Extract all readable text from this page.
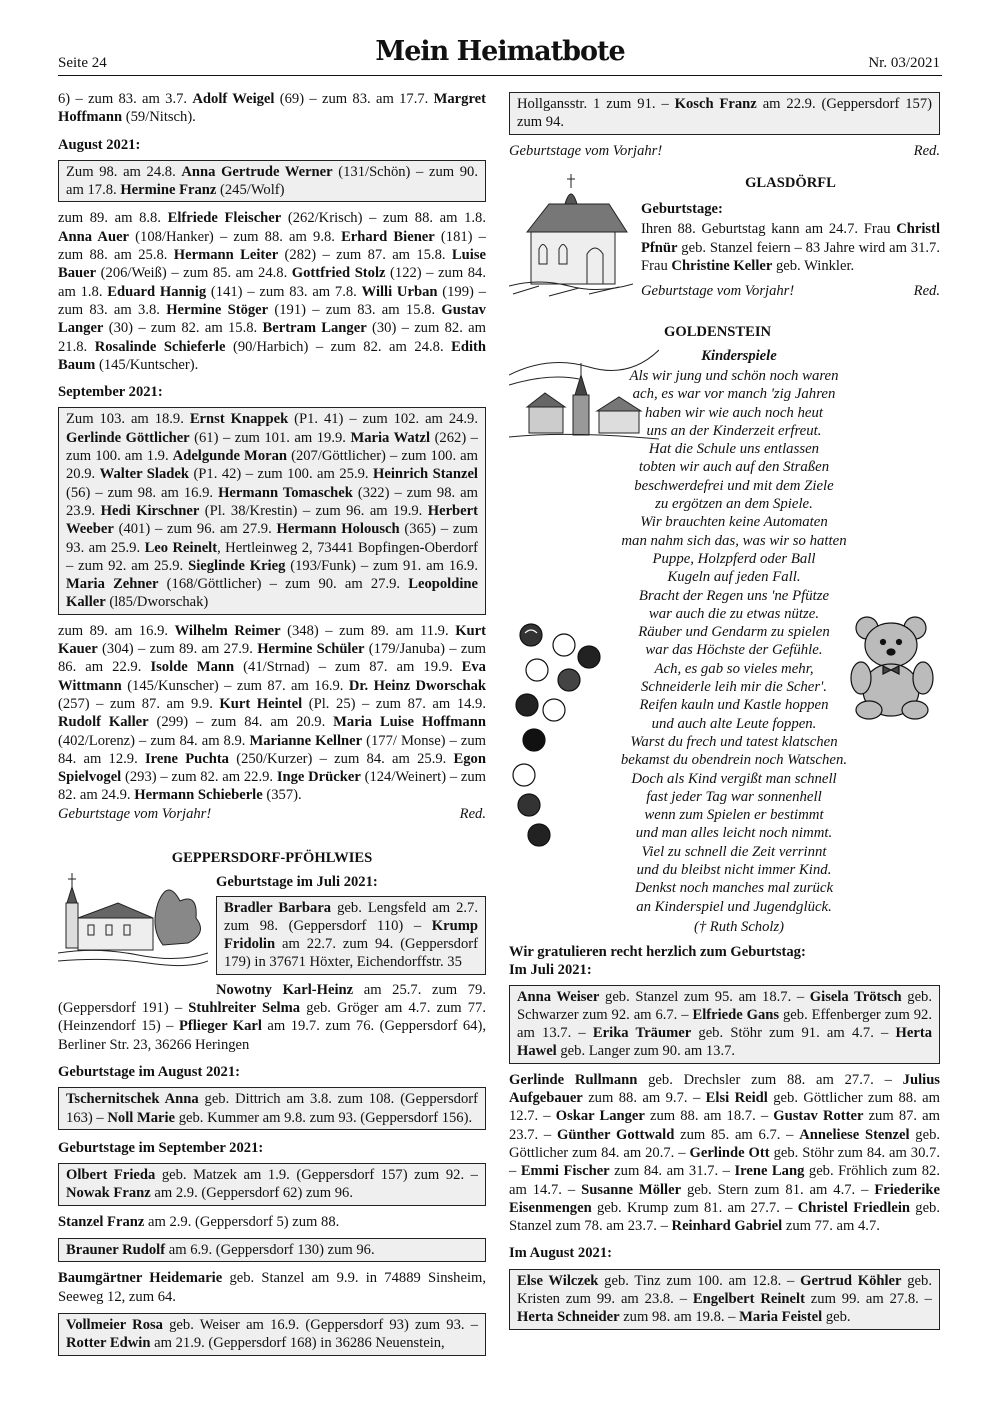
Seite 24	Mein Heimatbote	Nr. 03/2021

6) – zum 83. am 3.7. Adolf Weigel (69) – zum 83. am 17.7. Margret Hoffmann (59/Nitsch).

August 2021:
Zum 98. am 24.8. Anna Gertrude Werner (131/Schön) – zum 90. am 17.8. Hermine Franz (245/Wolf)

zum 89. am 8.8. Elfriede Fleischer (262/Krisch) – zum 88. am 1.8. Anna Auer (108/Hanker) – zum 88. am 9.8. Erhard Biener (181) – zum 88. am 25.8. Hermann Leiter (282) – zum 87. am 15.8. Luise Bauer (206/Weiß) – zum 85. am 24.8. Gottfried Stolz (122) – zum 84. am 1.8. Eduard Hannig (141) – zum 83. am 7.8. Willi Urban (199) – zum 83. am 3.8. Hermine Stöger (191) – zum 83. am 15.8. Gustav Langer (30) – zum 82. am 15.8. Bertram Langer (30) – zum 82. am 21.8. Rosalinde Schieferle (90/Harbich) – zum 82. am 24.8. Edith Baum (145/Kuntscher).

September 2021:
Zum 103. am 18.9. Ernst Knappek (P1. 41) – zum 102. am 24.9. Gerlinde Göttlicher (61) – zum 101. am 19.9. Maria Watzl (262) – zum 100. am 1.9. Adelgunde Moran (207/Göttlicher) – zum 100. am 20.9. Walter Sladek (P1. 42) – zum 100. am 25.9. Heinrich Stanzel (56) – zum 98. am 16.9. Hermann Tomaschek (322) – zum 98. am 23.9. Hedi Kirschner (Pl. 38/Krestin) – zum 96. am 19.9. Herbert Weeber (401) – zum 96. am 27.9. Hermann Holousch (365) – zum 93. am 25.9. Leo Reinelt, Hertleinweg 2, 73441 Bopfingen-Oberdorf – zum 92. am 25.9. Sieglinde Krieg (193/Funk) – zum 91. am 16.9. Maria Zehner (168/Göttlicher) – zum 90. am 27.9. Leopoldine Kaller (l85/Dworschak)

zum 89. am 16.9. Wilhelm Reimer (348) – zum 89. am 11.9. Kurt Kauer (304) – zum 89. am 27.9. Hermine Schüler (179/Januba) – zum 86. am 22.9. Isolde Mann (41/Strnad) – zum 87. am 19.9. Eva Wittmann (145/Kunscher) – zum 87. am 16.9. Dr. Heinz Dworschak (257) – zum 87. am 9.9. Kurt Heintel (Pl. 25) – zum 87. am 14.9. Rudolf Kaller (299) – zum 84. am 20.9. Maria Luise Hoffmann (402/Lorenz) – zum 84. am 8.9. Marianne Kellner (177/ Monse) – zum 84. am 12.9. Irene Puchta (250/Kurzer) – zum 84. am 25.9. Egon Spielvogel (293) – zum 82. am 22.9. Inge Drücker (124/Weinert) – zum 82. am 24.9. Hermann Schieberle (357).

Geburtstage vom Vorjahr!	Red.
GEPPERSDORF-PFÖHLWIES
Geburtstage im Juli 2021:
Bradler Barbara geb. Lengsfeld am 2.7. zum 98. (Geppersdorf 110) – Krump Fridolin am 22.7. zum 94. (Geppersdorf 179) in 37671 Höxter, Eichendorffstr. 35

Nowotny Karl-Heinz am 25.7. zum 79. (Geppersdorf 191) – Stuhlreiter Selma geb. Gröger am 4.7. zum 77. (Heinzendorf 15) – Pflieger Karl am 19.7. zum 76. (Geppersdorf 64), Berliner Str. 23, 36266 Heringen

Geburtstage im August 2021:
Tschernitschek Anna geb. Dittrich am 3.8. zum 108. (Geppersdorf 163) – Noll Marie geb. Kummer am 9.8. zum 93. (Geppersdorf 156).
Geburtstage im September 2021:
Olbert Frieda geb. Matzek am 1.9. (Geppersdorf 157) zum 92. – Nowak Franz am 2.9. (Geppersdorf 62) zum 96.

Stanzel Franz am 2.9. (Geppersdorf 5) zum 88.

Brauner Rudolf am 6.9. (Geppersdorf 130) zum 96.

Baumgärtner Heidemarie geb. Stanzel am 9.9. in 74889 Sinsheim, Seeweg 12, zum 64.

Vollmeier Rosa geb. Weiser am 16.9. (Geppersdorf 93) zum 93. – Rotter Edwin am 21.9. (Geppersdorf 168) in 36286 Neuenstein,
Hollgansstr. 1 zum 91. – Kosch Franz am 22.9. (Geppersdorf 157) zum 94.
Geburtstage vom Vorjahr!	Red.
GLASDÖRFL
Geburtstage:

Ihren 88. Geburtstag kann am 24.7. Frau Christl Pfnür geb. Stanzel feiern – 83 Jahre wird am 31.7. Frau Christine Keller geb. Winkler.

Geburtstage vom Vorjahr!	Red.
GOLDENSTEIN
Kinderspiele
Als wir jung und schön noch waren
ach, es war vor manch 'zig Jahren
haben wir wie auch noch heut
uns an der Kinderzeit erfreut.
Hat die Schule uns entlassen
tobten wir auch auf den Straßen
beschwerdefrei und mit dem Ziele
zu ergötzen an dem Spiele.
Wir brauchten keine Automaten
man nahm sich das, was wir so hatten
Puppe, Holzpferd oder Ball
Kugeln auf jeden Fall.
Bracht der Regen uns 'ne Pfütze
war auch die zu etwas nütze.
Räuber und Gendarm zu spielen
war das Höchste der Gefühle.
Ach, es gab so vieles mehr,
Schneiderle leih mir die Scher'.
Reifen kauln und Kastle hoppen
und auch alte Leute foppen.
Warst du frech und tatest klatschen
bekamst du obendrein noch Watschen.
Doch als Kind vergißt man schnell
fast jeder Tag war sonnenhell
wenn zum Spielen er bestimmt
und man alles leicht noch nimmt.
Viel zu schnell die Zeit verrinnt
und du bleibst nicht immer Kind.
Denkst noch manches mal zurück
an Kinderspiel und Jugendglück.
(† Ruth Scholz)
Wir gratulieren recht herzlich zum Geburtstag:
Im Juli 2021:
Anna Weiser geb. Stanzel zum 95. am 18.7. – Gisela Trötsch geb. Schwarzer zum 92. am 6.7. – Elfriede Gans geb. Effenberger zum 92. am 13.7. – Erika Träumer geb. Stöhr zum 91. am 4.7. – Herta Hawel geb. Langer zum 90. am 13.7.

Gerlinde Rullmann geb. Drechsler zum 88. am 27.7. – Julius Aufgebauer zum 88. am 9.7. – Elsi Reidl geb. Göttlicher zum 88. am 12.7. – Oskar Langer zum 88. am 18.7. – Gustav Rotter zum 87. am 23.7. – Günther Gottwald zum 85. am 6.7. – Anneliese Stenzel geb. Göttlicher zum 84. am 20.7. – Gerlinde Ott geb. Stöhr zum 84. am 30.7. – Emmi Fischer zum 84. am 31.7. – Irene Lang geb. Fröhlich zum 82. am 14.7. – Susanne Möller geb. Stern zum 81. am 4.7. – Friederike Eisenmengen geb. Krump zum 81. am 27.7. – Christel Friedlein geb. Stanzel zum 78. am 23.7. – Reinhard Gabriel zum 77. am 4.7.

Im August 2021:
Else Wilczek geb. Tinz zum 100. am 12.8. – Gertrud Köhler geb. Kristen zum 99. am 23.8. – Engelbert Reinelt zum 99. am 27.8. – Herta Schneider zum 98. am 19.8. – Maria Feistel geb.
